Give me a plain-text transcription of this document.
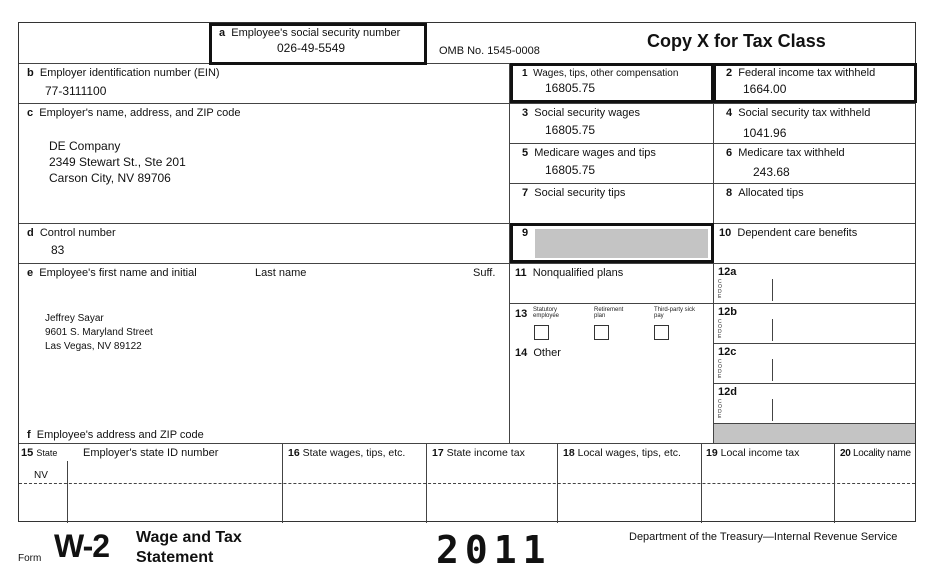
a Employee's social security number
026-49-5549	OMB No. 1545-0008	Copy X for Tax Class
b Employer identification number (EIN)
77-3111100
1 Wages, tips, other compensation
16805.75
2 Federal income tax withheld
1664.00
c Employer's name, address, and ZIP code
DE Company
2349 Stewart St., Ste 201
Carson City, NV 89706
3 Social security wages
16805.75
4 Social security tax withheld
1041.96
5 Medicare wages and tips
16805.75
6 Medicare tax withheld
243.68
7 Social security tips	8 Allocated tips
d Control number
83
9	10 Dependent care benefits
e Employee's first name and initial	Last name	Suff.
Jeffrey Sayar
9601 S. Maryland Street
Las Vegas, NV 89122
11 Nonqualified plans	12a
C
O
D
E
12b
C
O
D
E
12c
C
O
D
E
12d
C
O
D
E
13 Statutory employee
Retirement plan
Third-party sick pay
14 Other
f Employee's address and ZIP code
15 State Employer's state ID number
NV
16 State wages, tips, etc.	17 State income tax	18 Local wages, tips, etc. 19 Local income tax	20 Locality name
Form W-2 Wage and Tax
Statement	2011	Department of the Treasury—Internal Revenue Service
